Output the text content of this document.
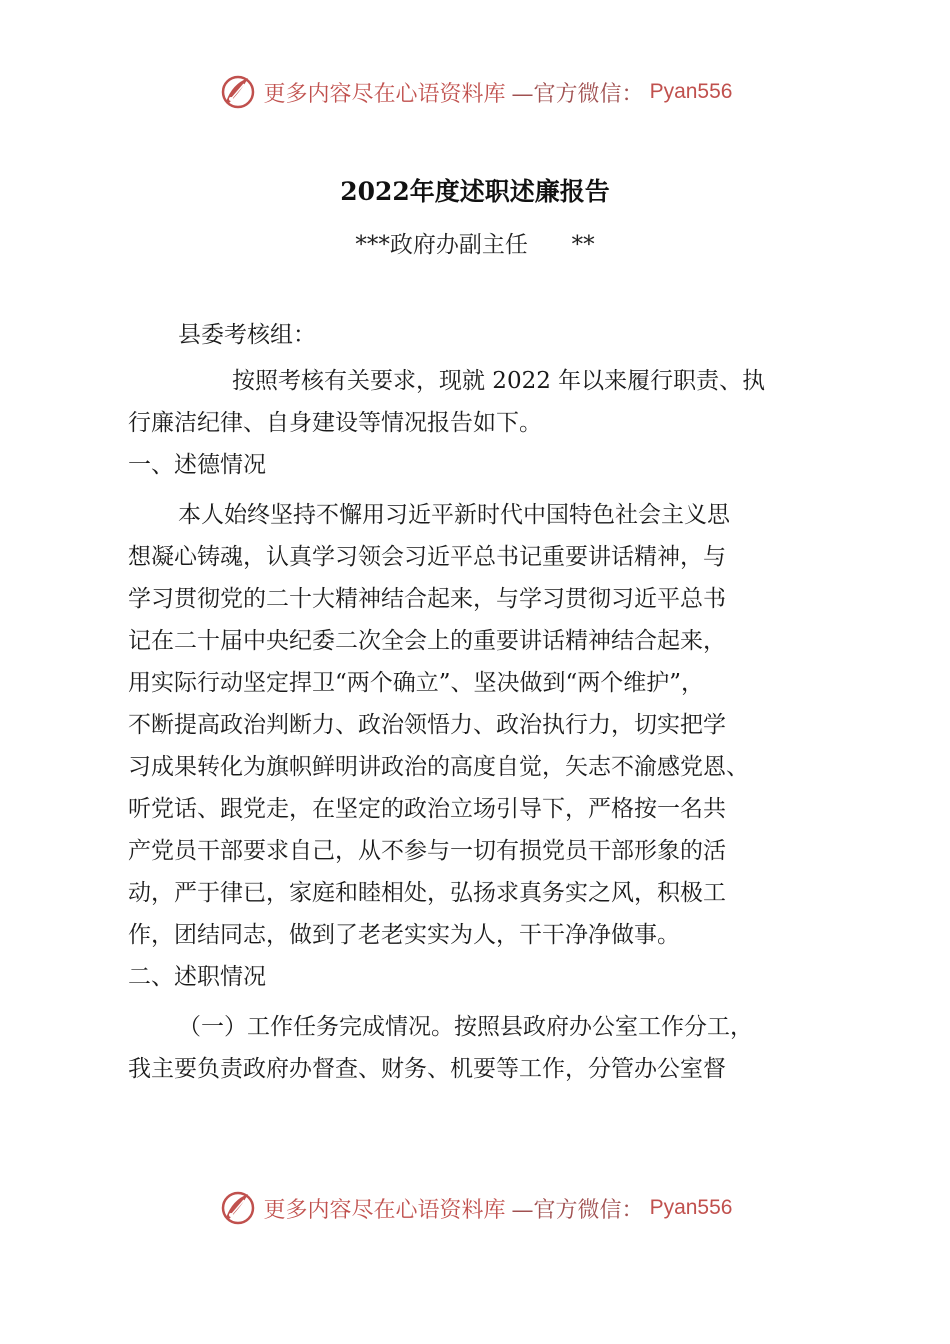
更多内容尽在心语资料库 —官方微信： Pyan556
2022年度述职述廉报告
***政府办副主任      **
县委考核组：
按照考核有关要求，现就 2022 年以来履行职责、执
行廉洁纪律、自身建设等情况报告如下。
一、述德情况
本人始终坚持不懈用习近平新时代中国特色社会主义思
想凝心铸魂，认真学习领会习近平总书记重要讲话精神，与
学习贯彻党的二十大精神结合起来，与学习贯彻习近平总书
记在二十届中央纪委二次全会上的重要讲话精神结合起来，
用实际行动坚定捍卫“两个确立”、坚决做到“两个维护”，
不断提高政治判断力、政治领悟力、政治执行力，切实把学
习成果转化为旗帜鲜明讲政治的高度自觉，矢志不渝感党恩、
听党话、跟党走，在坚定的政治立场引导下，严格按一名共
产党员干部要求自己，从不参与一切有损党员干部形象的活
动，严于律已，家庭和睦相处，弘扬求真务实之风，积极工
作，团结同志，做到了老老实实为人，干干净净做事。
二、述职情况
（一）工作任务完成情况。按照县政府办公室工作分工，
我主要负责政府办督查、财务、机要等工作，分管办公室督
更多内容尽在心语资料库 —官方微信： Pyan556
